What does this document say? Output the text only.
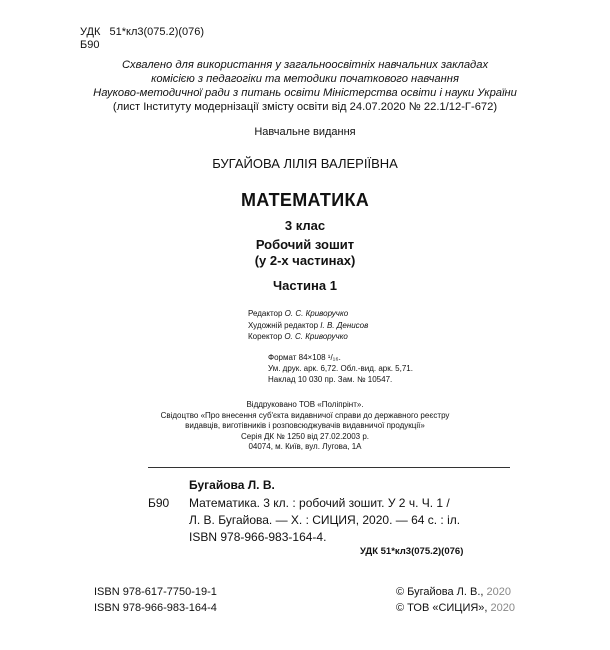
УДК 51*кл3(075.2)(076)
Б90
Схвалено для використання у загальноосвітніх навчальних закладах
комісією з педагогіки та методики початкового навчання
Науково-методичної ради з питань освіти Міністерства освіти і науки України
(лист Інституту модернізації змісту освіти від 24.07.2020 № 22.1/12-Г-672)
Навчальне видання
БУГАЙОВА ЛІЛІЯ ВАЛЕРІЇВНА
МАТЕМАТИКА
3 клас
Робочий зошит
(у 2-х частинах)
Частина 1
Редактор О. С. Криворучко
Художній редактор І. В. Денисов
Коректор О. С. Криворучко
Формат 84×108 ¹/₁₆.
Ум. друк. арк. 6,72. Обл.-вид. арк. 5,71.
Наклад 10 030 пр. Зам. № 10547.
Віддруковано ТОВ «Поліпрінт».
Свідоцтво «Про внесення суб'єкта видавничої справи до державного реєстру
видавців, виготівників і розповсюджувачів видавничої продукції»
Серія ДК № 1250 від 27.02.2003 р.
04074, м. Київ, вул. Лугова, 1А
Бугайова Л. В.
Б90 Математика. 3 кл. : робочий зошит. У 2 ч. Ч. 1 /
Л. В. Бугайова. — Х. : СИЦИЯ, 2020. — 64 с. : іл.
ISBN 978-966-983-164-4.
УДК 51*кл3(075.2)(076)
ISBN 978-617-7750-19-1
ISBN 978-966-983-164-4
© Бугайова Л. В., 2020
© ТОВ «СИЦИЯ», 2020
